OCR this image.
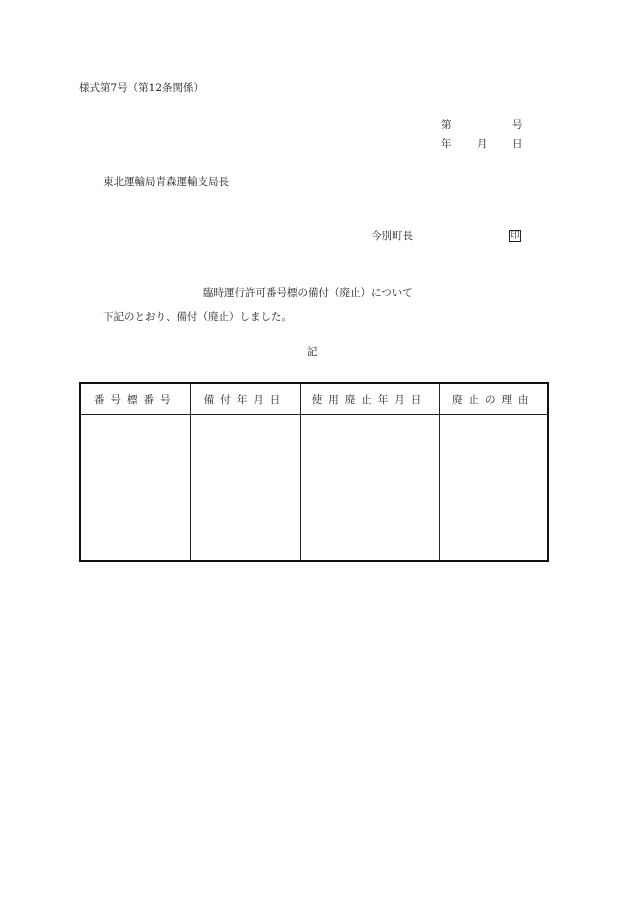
様式第7号（第12条関係）
第	号
年 月 日
東北運輸局青森運輸支局長
今別町長	印
臨時運行許可番号標の備付（廃止）について
下記のとおり、備付（廃止）しました。
記
番号標番号	備付年月日	使用廃止年月日	廃止の理由
